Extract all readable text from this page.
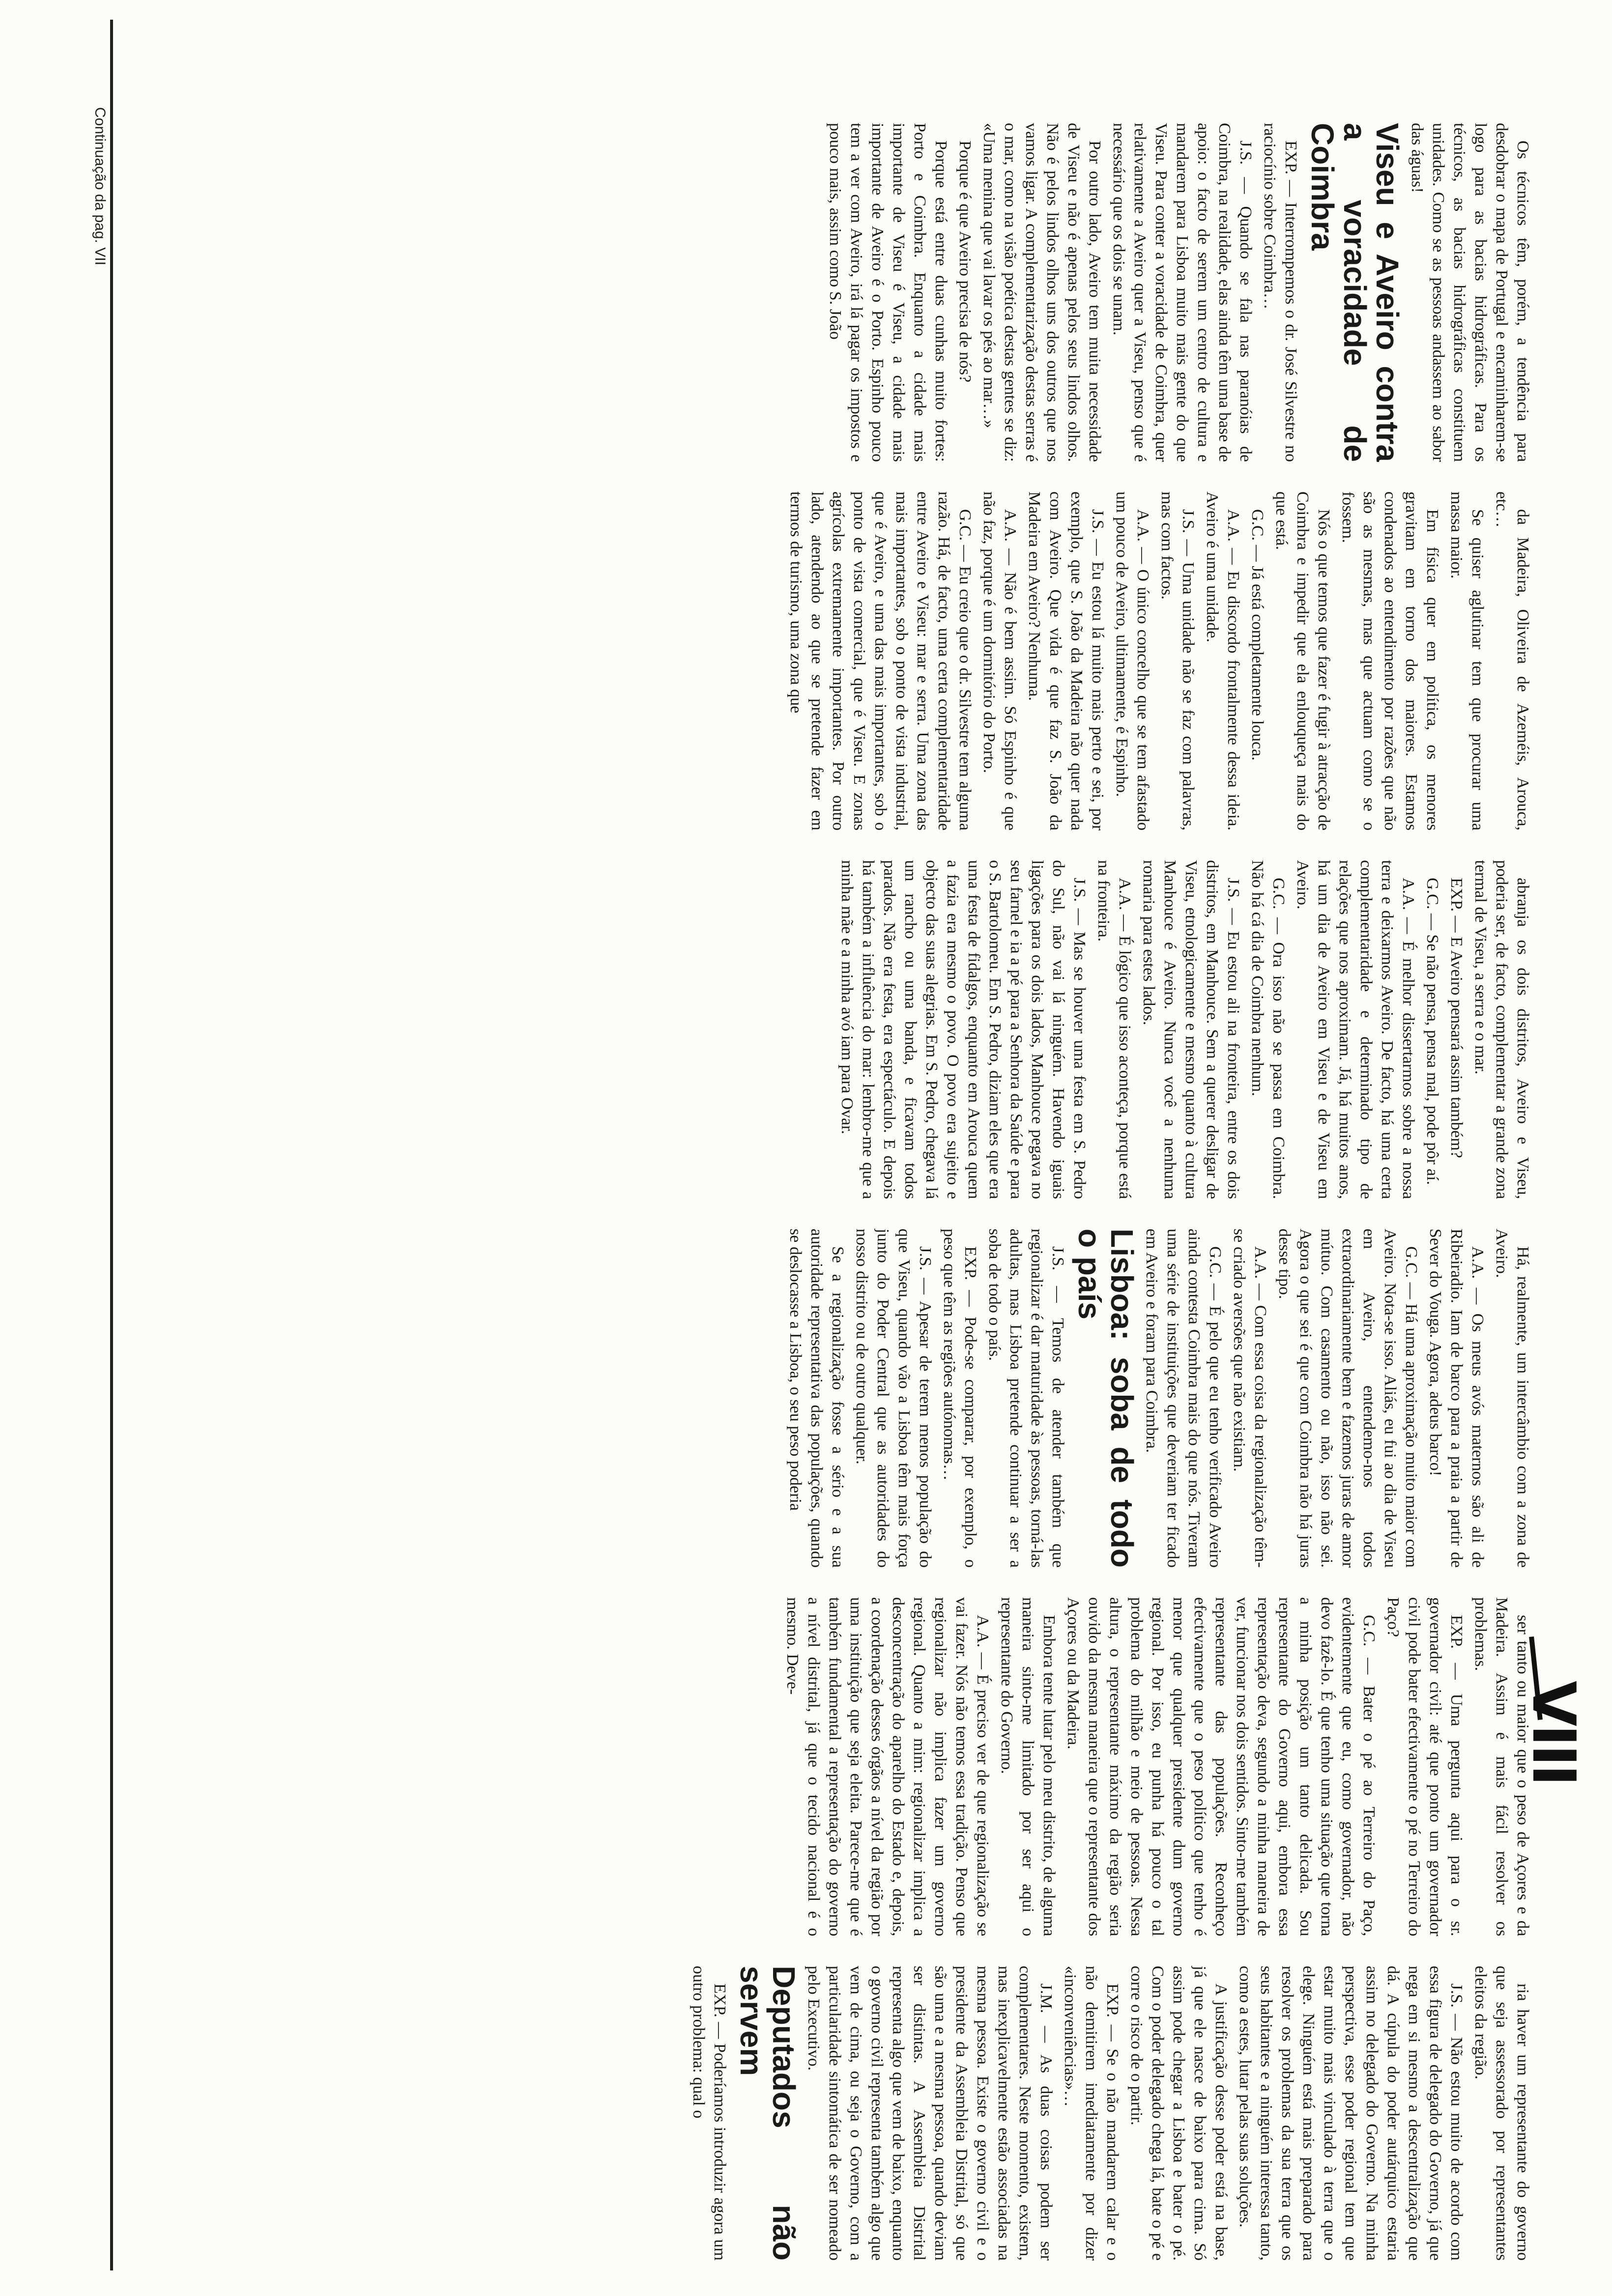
Continuação da pag. VII
VIII

Os técnicos têm, porém, a tendência para desdobrar o mapa de Portugal e encaminharem-se logo para as bacias hidrográficas. Para os técnicos, as bacias hidrográficas constituem unidades. Como se as pessoas andassem ao sabor das águas!

Viseu e Aveiro contra a voracidade de Coimbra

EXP. — Interrompemos o dr. José Silvestre no raciocínio sobre Coimbra…

J.S. — Quando se fala nas paranóias de Coimbra, na realidade, elas ainda têm uma base de apoio: o facto de serem um centro de cultura e mandarem para Lisboa muito mais gente do que Viseu. Para conter a voracidade de Coimbra, quer relativamente a Aveiro quer a Viseu, penso que é necessário que os dois se unam.

Por outro lado, Aveiro tem muita necessidade de Viseu e não é apenas pelos seus lindos olhos. Não é pelos lindos olhos uns dos outros que nos vamos ligar. A complementarização destas serras é o mar, como na visão poética destas gentes se diz: «Uma menina que vai lavar os pés ao mar…»

Porque é que Aveiro precisa de nós?

Porque está entre duas cunhas muito fortes: Porto e Coimbra. Enquanto a cidade mais importante de Viseu é Viseu, a cidade mais importante de Aveiro é o Porto. Espinho pouco tem a ver com Aveiro, irá lá pagar os impostos e pouco mais, assim como S. João

da Madeira, Oliveira de Azeméis, Arouca, etc…

Se quiser aglutinar tem que procurar uma massa maior.

Em física quer em política, os menores gravitam em torno dos maiores. Estamos condenados ao entendimento por razões que não são as mesmas, mas que actuam como se o fossem.

Nós o que temos que fazer é fugir à atracção de Coimbra e impedir que ela enlouqueça mais do que está.

G.C. — Já está completamente louca.

A.A. — Eu discordo frontalmente dessa ideia. Aveiro é uma unidade.

J.S. — Uma unidade não se faz com palavras, mas com factos.

A.A. — O único concelho que se tem afastado um pouco de Aveiro, ultimamente, é Espinho.

J.S. — Eu estou lá muito mais perto e sei, por exemplo, que S. João da Madeira não quer nada com Aveiro. Que vida é que faz S. João da Madeira em Aveiro? Nenhuma.

A.A. — Não é bem assim. Só Espinho é que não faz, porque é um dormitório do Porto.

G.C. — Eu creio que o dr. Silvestre tem alguma razão. Há, de facto, uma certa complementaridade entre Aveiro e Viseu: mar e serra. Uma zona das mais importantes, sob o ponto de vista industrial, que é Aveiro, e uma das mais importantes, sob o ponto de vista comercial, que é Viseu. E zonas agrícolas extremamente importantes. Por outro lado, atendendo ao que se pretende fazer em termos de turismo, uma zona que

abranja os dois distritos, Aveiro e Viseu, poderia ser, de facto, complementar a grande zona termal de Viseu, a serra e o mar.

EXP. — E Aveiro pensará assim também?

G.C. — Se não pensa, pensa mal, pode pôr aí.

A.A. — É melhor dissertarmos sobre a nossa terra e deixarmos Aveiro. De facto, há uma certa complementaridade e determinado tipo de relações que nos aproximam. Já, há muitos anos, há um dia de Aveiro em Viseu e de Viseu em Aveiro.

G.C. — Ora isso não se passa em Coimbra. Não há cá dia de Coimbra nenhum.

J.S. — Eu estou ali na fronteira, entre os dois distritos, em Manhouce. Sem a querer desligar de Viseu, etnologicamente e mesmo quanto à cultura Manhouce é Aveiro. Nunca você a nenhuma romaria para estes lados.

A.A. — É lógico que isso aconteça, porque está na fronteira.

J.S. — Mas se houver uma festa em S. Pedro do Sul, não vai lá ninguém. Havendo iguais ligações para os dois lados, Manhouce pegava no seu farnel e ia a pé para a Senhora da Saúde e para o S. Bartolomeu. Em S. Pedro, diziam eles que era uma festa de fidalgos, enquanto em Arouca quem a fazia era mesmo o povo. O povo era sujeito e objecto das suas alegrias. Em S. Pedro, chegava lá um rancho ou uma banda, e ficavam todos parados. Não era festa, era espectáculo. E depois há também a influência do mar: lembro-me que a minha mãe e a minha avó iam para Ovar.

Há, realmente, um intercâmbio com a zona de Aveiro.

A.A. — Os meus avós maternos são ali de Ribeiradio. Iam de barco para a praia a partir de Sever do Vouga. Agora, adeus barco!

G.C. — Há uma aproximação muito maior com Aveiro. Nota-se isso. Aliás, eu fui ao dia de Viseu em Aveiro, entendemo-nos todos extraordinariamente bem e fazemos juras de amor mútuo. Com casamento ou não, isso não sei. Agora o que sei é que com Coimbra não há juras desse tipo.

A.A. — Com essa coisa da regionalização têm-se criado aversões que não existiam.

G.C. — É pelo que eu tenho verificado Aveiro ainda contesta Coimbra mais do que nós. Tiveram uma série de instituições que deveriam ter ficado em Aveiro e foram para Coimbra.

Lisboa: soba de todo o país

J.S. — Temos de atender também que regionalizar é dar maturidade às pessoas, torná-las adultas, mas Lisboa pretende continuar a ser a soba de todo o país.

EXP. — Pode-se comparar, por exemplo, o peso que têm as regiões autónomas…

J.S. — Apesar de terem menos população do que Viseu, quando vão a Lisboa têm mais força junto do Poder Central que as autoridades do nosso distrito ou de outro qualquer.

Se a regionalização fosse a sério e a sua autoridade representativa das populações, quando se deslocasse a Lisboa, o seu peso poderia

ser tanto ou maior que o peso de Açores e da Madeira. Assim é mais fácil resolver os problemas.

EXP. — Uma pergunta aqui para o sr. governador civil: até que ponto um governador civil pode bater efectivamente o pé no Terreiro do Paço?

G.C. — Bater o pé ao Terreiro do Paço, evidentemente que eu, como governador, não devo fazê-lo. É que tenho uma situação que torna a minha posição um tanto delicada. Sou representante do Governo aqui, embora essa representação deva, segundo a minha maneira de ver, funcionar nos dois sentidos. Sinto-me também representante das populações. Reconheço efectivamente que o peso político que tenho é menor que qualquer presidente dum governo regional. Por isso, eu punha há pouco o tal problema do milhão e meio de pessoas. Nessa altura, o representante máximo da região seria ouvido da mesma maneira que o representante dos Açores ou da Madeira.

Embora tente lutar pelo meu distrito, de alguma maneira sinto-me limitado por ser aqui o representante do Governo.

A.A. — É preciso ver de que regionalização se vai fazer. Nós não temos essa tradição. Penso que regionalizar não implica fazer um governo regional. Quanto a mim: regionalizar implica a desconcentração do aparelho do Estado e, depois, a coordenação desses órgãos a nível da região por uma instituição que seja eleita. Parece-me que é também fundamental a representação do governo a nível distrital, já que o tecido nacional é o mesmo. Deve-

ria haver um representante do governo que seja assessorado por representantes eleitos da região.

J.S. — Não estou muito de acordo com essa figura de delegado do Governo, já que nega em si mesmo a descentralização que dá. A cúpula do poder autárquico estaria assim no delegado do Governo. Na minha perspectiva, esse poder regional tem que estar muito mais vinculado à terra que o elege. Ninguém está mais preparado para resolver os problemas da sua terra que os seus habitantes e a ninguém interessa tanto, como a estes, lutar pelas suas soluções.

A justificação desse poder está na base, já que ele nasce de baixo para cima. Só assim pode chegar a Lisboa e bater o pé. Com o poder delegado chega lá, bate o pé e corre o risco de o partir.

EXP. — Se o não mandarem calar e o não demitirem imediatamente por dizer «inconveniências»…

J.M. — As duas coisas podem ser complementares. Neste momento, existem, mas inexplicavelmente estão associadas na mesma pessoa. Existe o governo civil e o presidente da Assembleia Distrital, só que são uma e a mesma pessoa, quando deviam ser distintas. A Assembleia Distrital representa algo que vem de baixo, enquanto o governo civil representa também algo que vem de cima, ou seja o Governo, com a particularidade sintomática de ser nomeado pelo Executivo.

Deputados não servem

EXP. — Poderíamos introduzir agora um outro problema: qual o
